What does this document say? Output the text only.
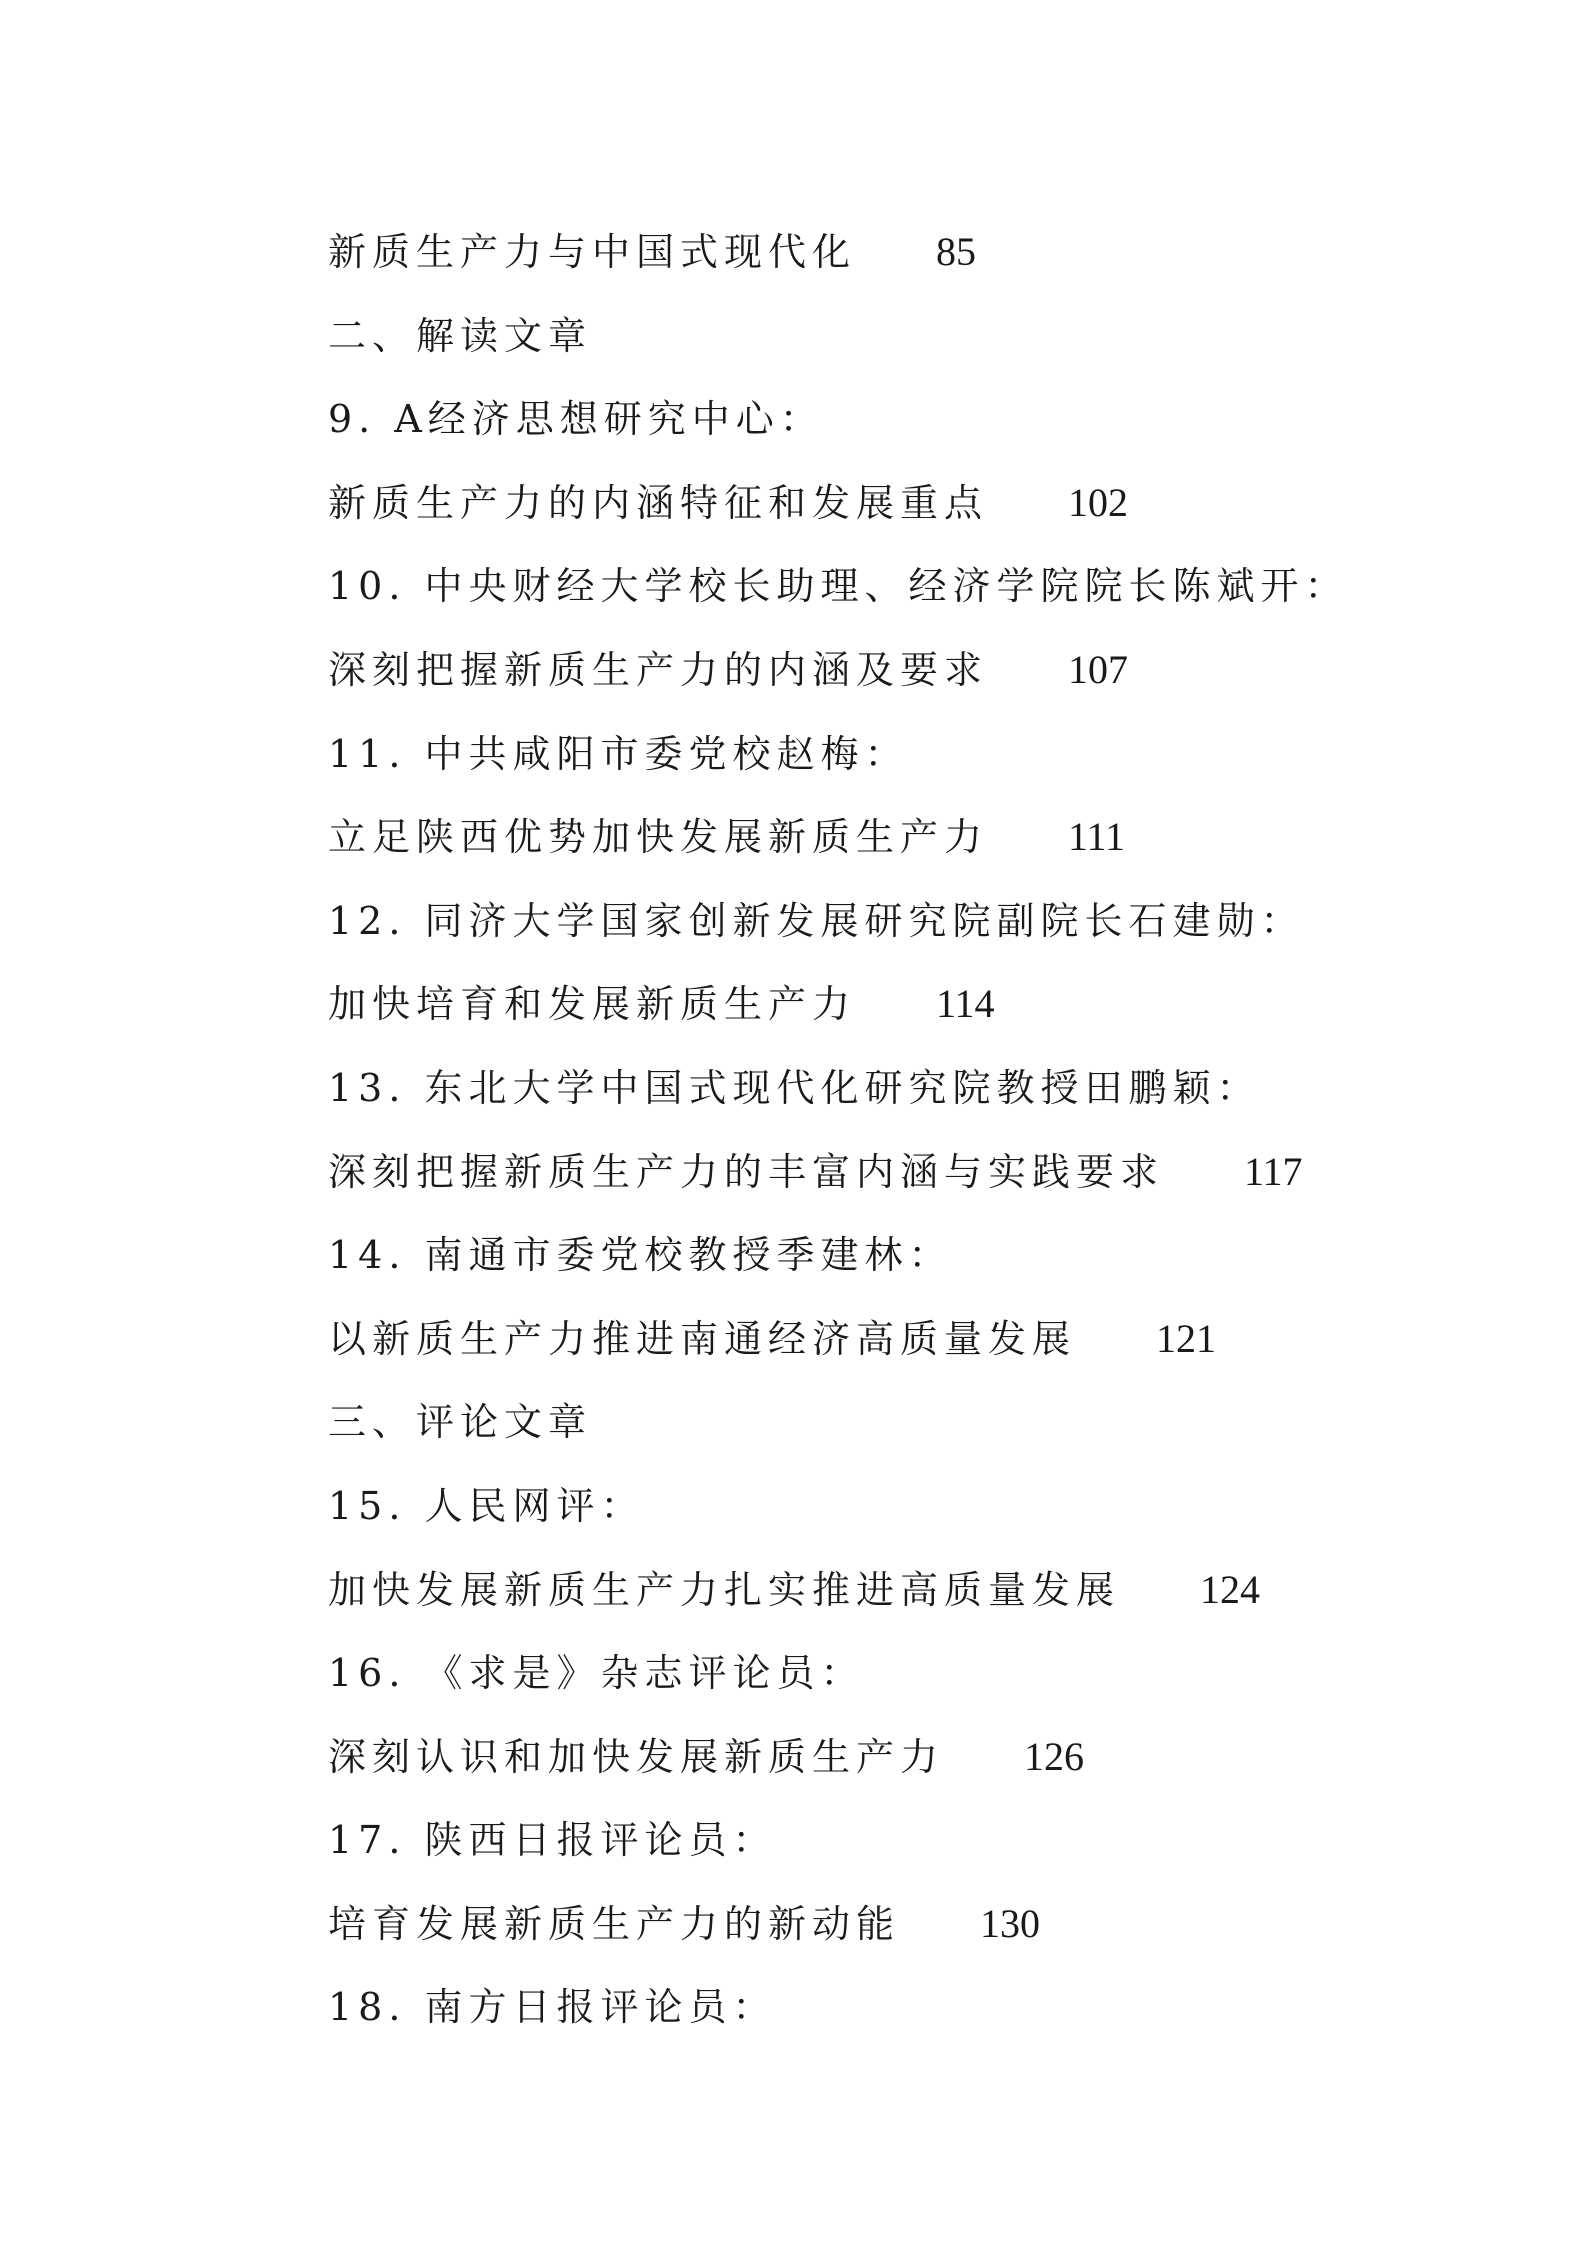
新质生产力与中国式现代化 85
二、解读文章
9. A经济思想研究中心：
新质生产力的内涵特征和发展重点 102
10. 中央财经大学校长助理、经济学院院长陈斌开：
深刻把握新质生产力的内涵及要求 107
11. 中共咸阳市委党校赵梅：
立足陕西优势加快发展新质生产力 111
12. 同济大学国家创新发展研究院副院长石建勋：
加快培育和发展新质生产力 114
13. 东北大学中国式现代化研究院教授田鹏颖：
深刻把握新质生产力的丰富内涵与实践要求 117
14. 南通市委党校教授季建林：
以新质生产力推进南通经济高质量发展 121
三、评论文章
15. 人民网评：
加快发展新质生产力扎实推进高质量发展 124
16. 《求是》杂志评论员：
深刻认识和加快发展新质生产力 126
17. 陕西日报评论员：
培育发展新质生产力的新动能 130
18. 南方日报评论员：
